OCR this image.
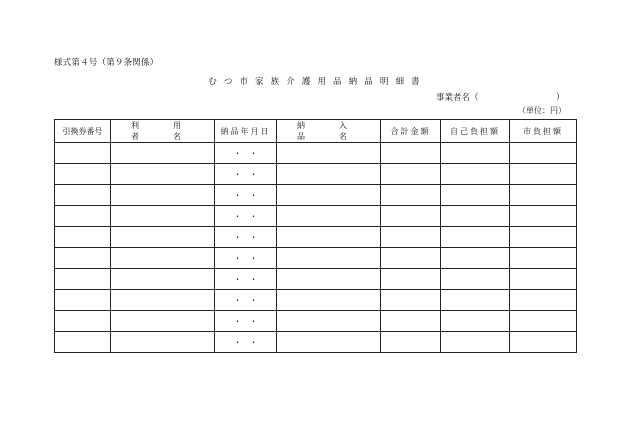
様式第４号（第９条関係）
む つ 市 家 族 介 護 用 品 納 品 明 細 書
事業者名（	）
（単位：円）
引換券番号	利　用　者　名	納品年月日	納　入　品　名	合計金額	自己負担額	市負担額
		・　・				
		・　・				
		・　・				
		・　・				
		・　・				
		・　・				
		・　・				
		・　・				
		・　・				
		・　・				
